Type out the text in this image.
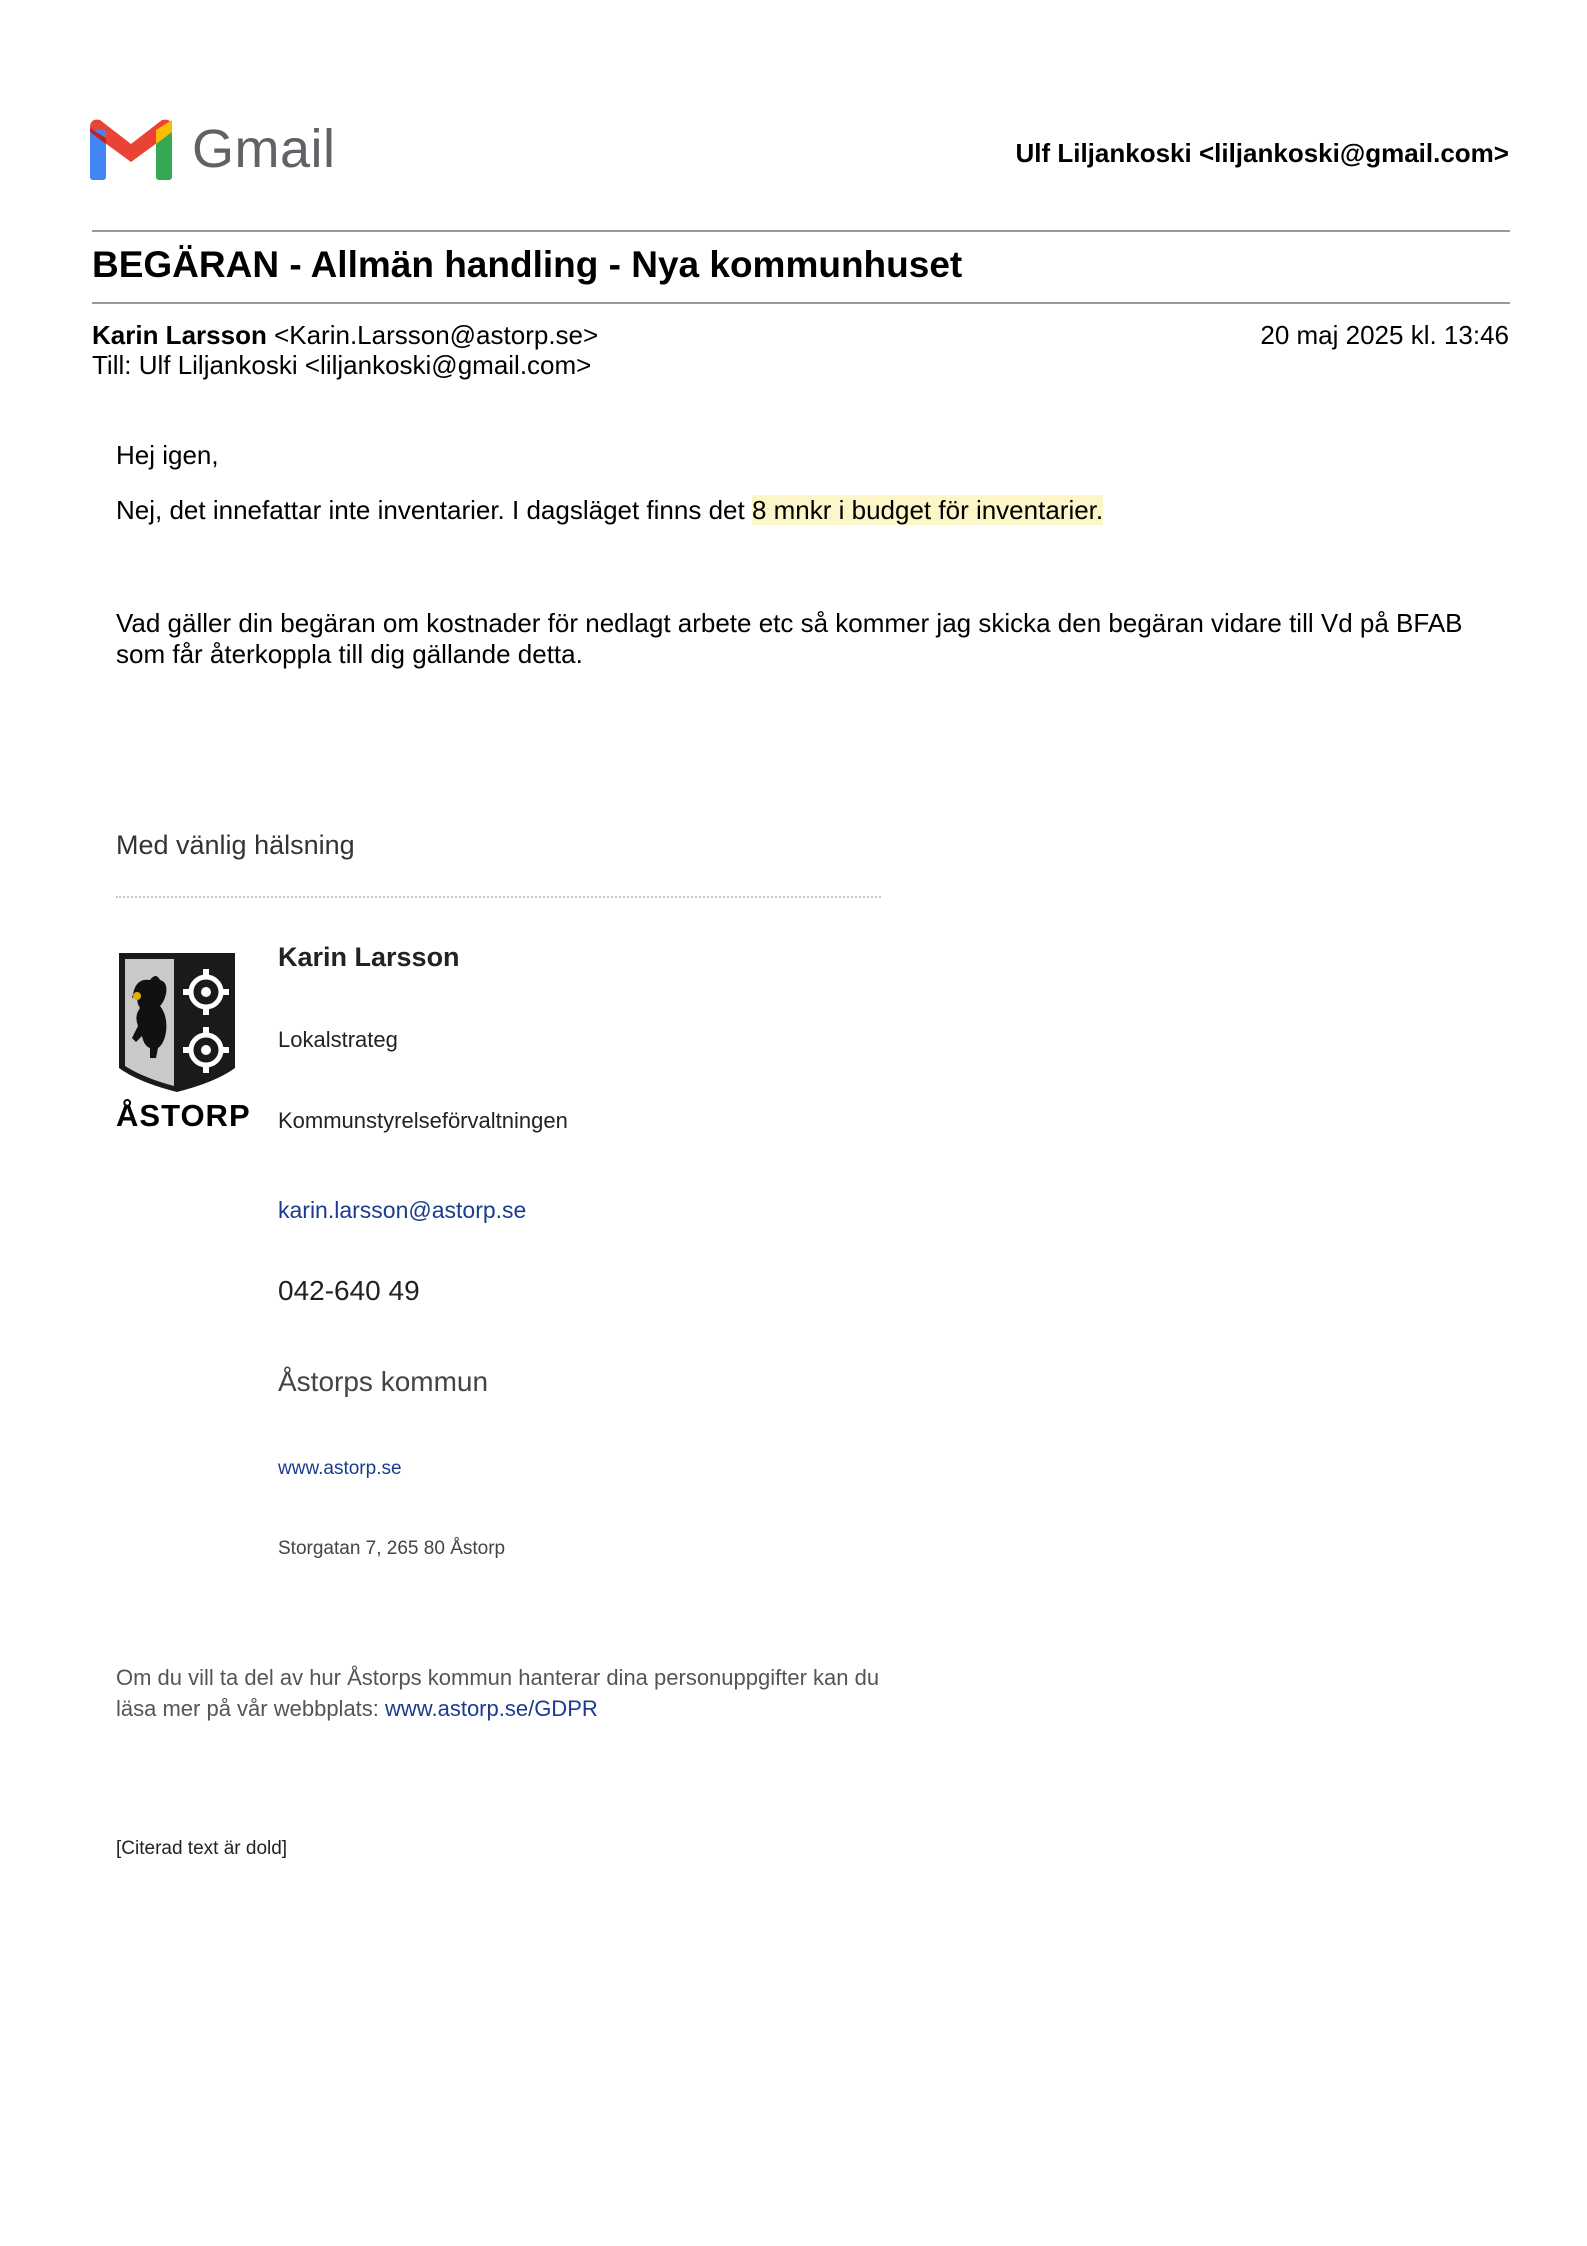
Gmail	Ulf Liljankoski <liljankoski@gmail.com>
BEGÄRAN - Allmän handling - Nya kommunhuset
Karin Larsson <Karin.Larsson@astorp.se>
Till: Ulf Liljankoski <liljankoski@gmail.com>
20 maj 2025 kl. 13:46
Hej igen,
Nej, det innefattar inte inventarier. I dagsläget finns det 8 mnkr i budget för inventarier.
Vad gäller din begäran om kostnader för nedlagt arbete etc så kommer jag skicka den begäran vidare till Vd på BFAB som får återkoppla till dig gällande detta.
Med vänlig hälsning
ÅSTORP
Karin Larsson
Lokalstrateg
Kommunstyrelseförvaltningen
karin.larsson@astorp.se
042-640 49
Åstorps kommun
www.astorp.se
Storgatan 7, 265 80 Åstorp
Om du vill ta del av hur Åstorps kommun hanterar dina personuppgifter kan du läsa mer på vår webbplats: www.astorp.se/GDPR
[Citerad text är dold]
